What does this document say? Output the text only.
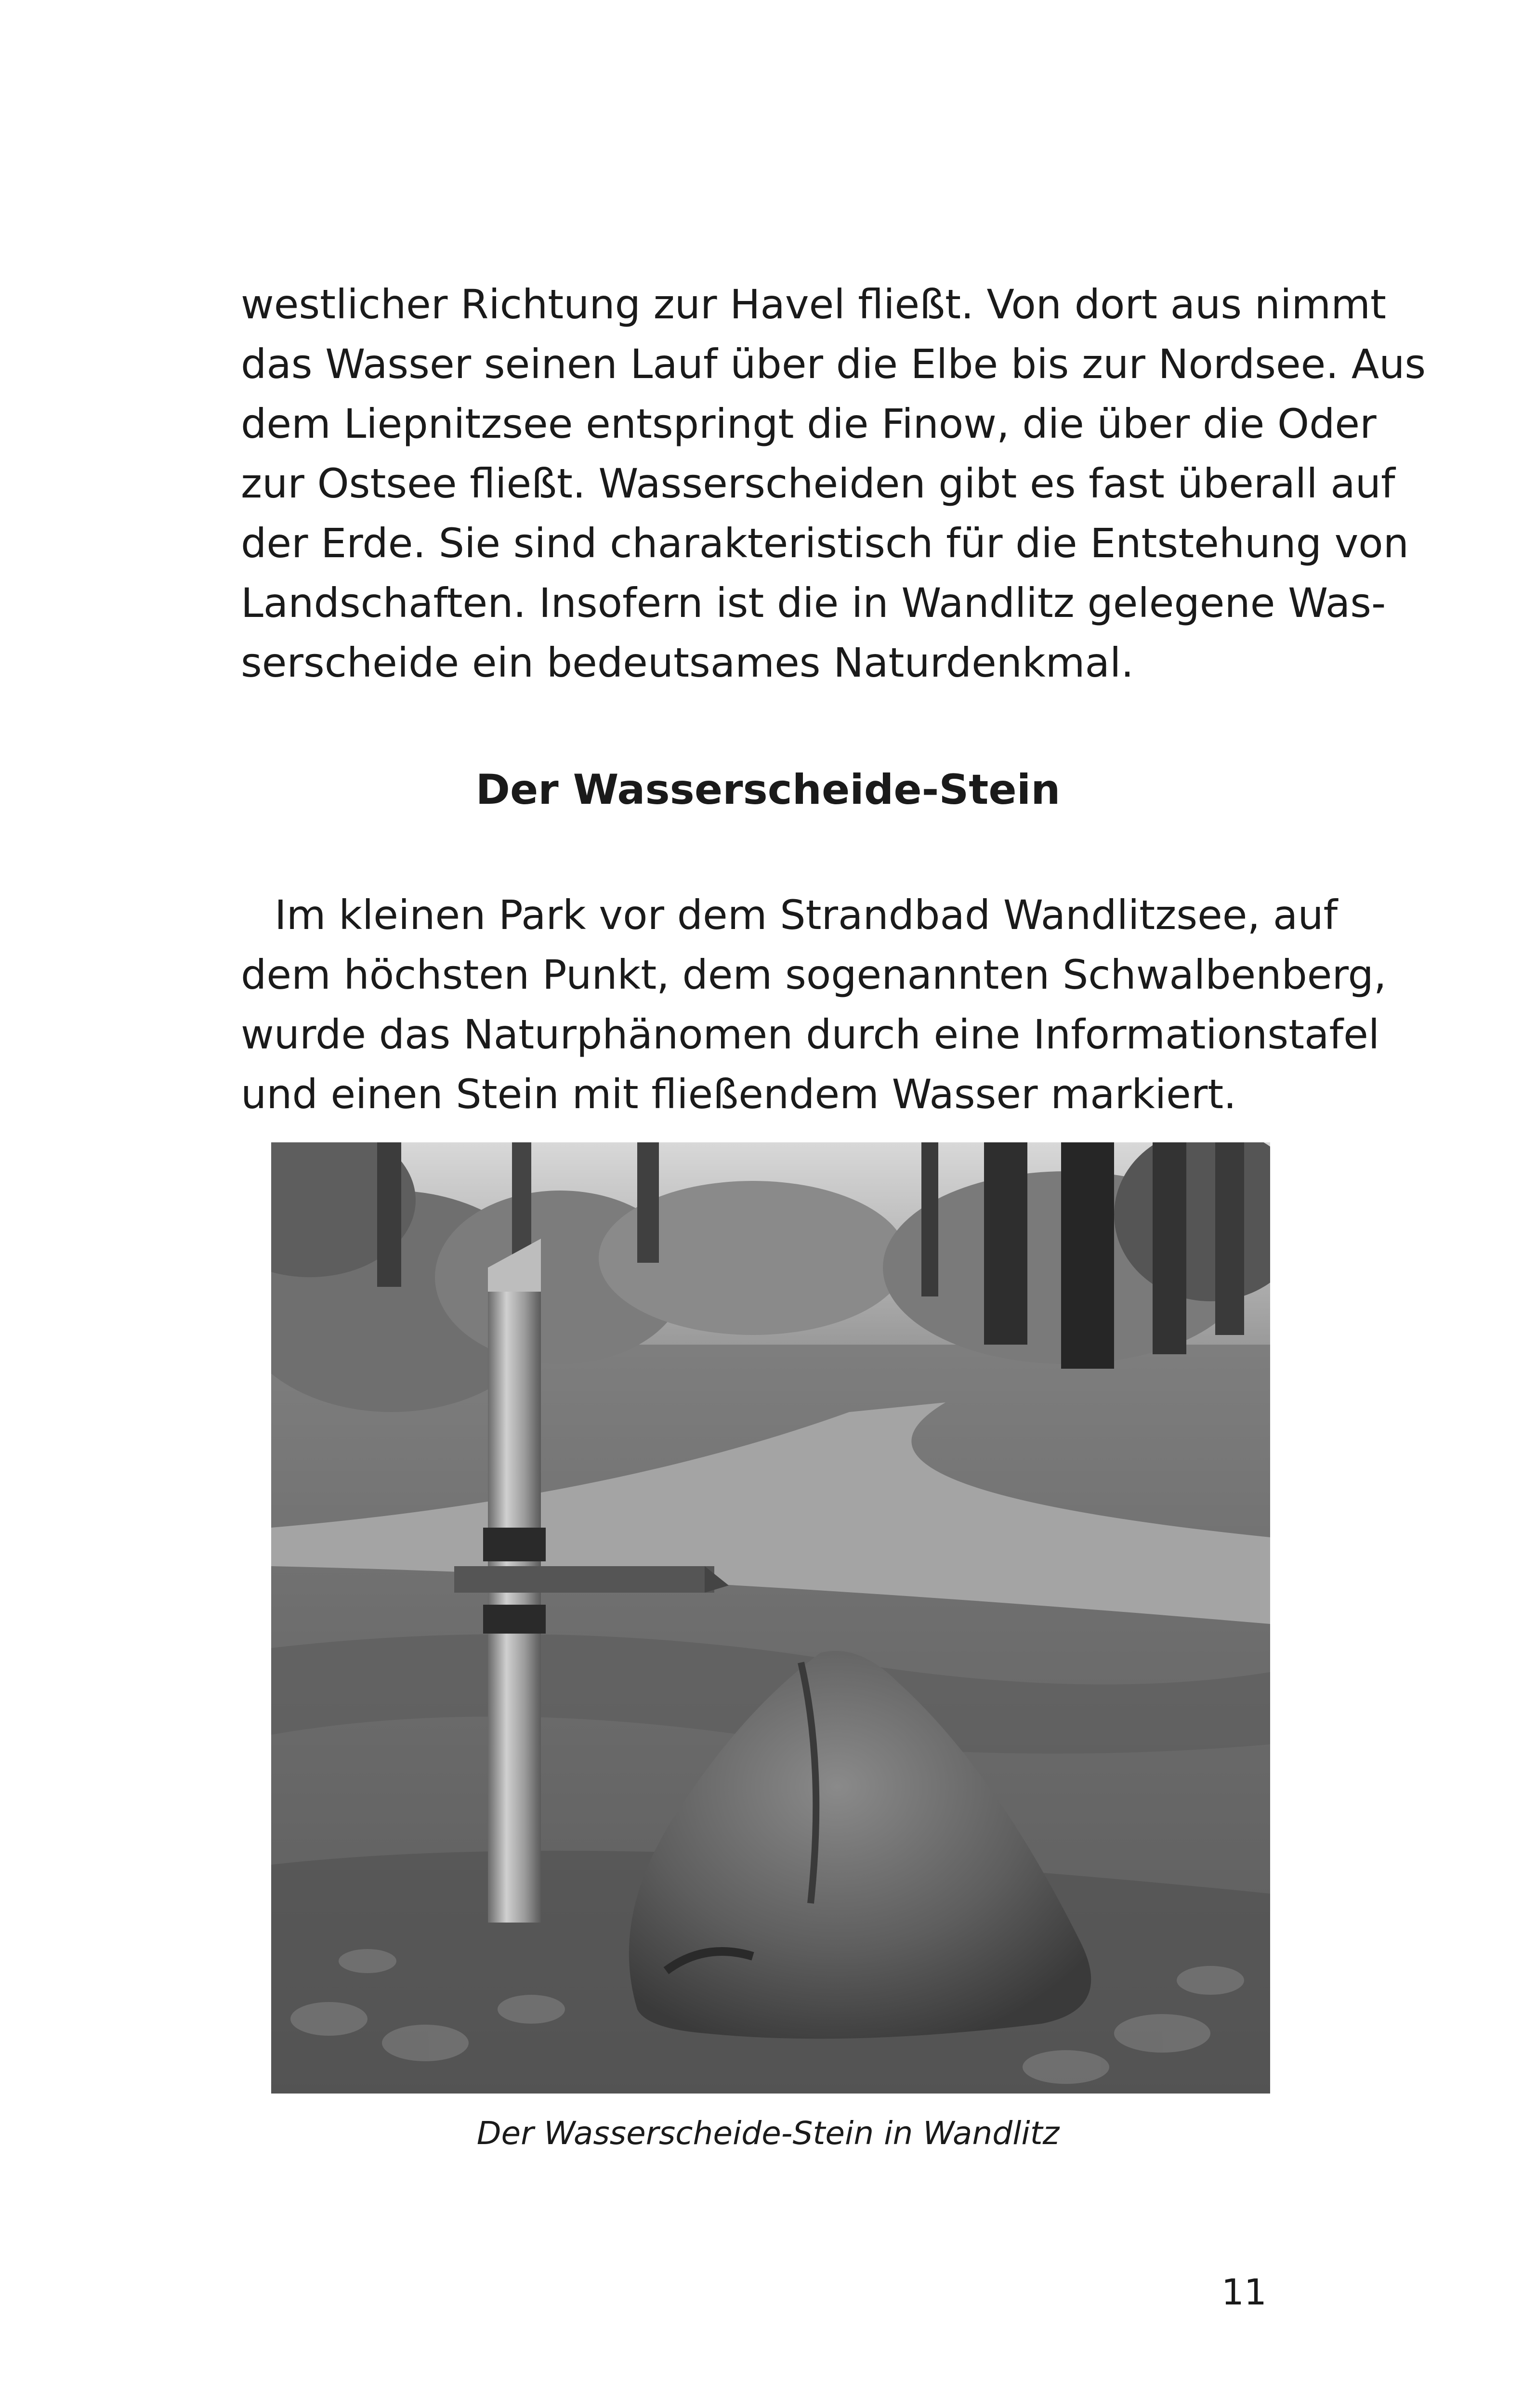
westlicher Richtung zur Havel fließt. Von dort aus nimmt
das Wasser seinen Lauf über die Elbe bis zur Nordsee. Aus
dem Liepnitzsee entspringt die Finow, die über die Oder
zur Ostsee fließt. Wasserscheiden gibt es fast überall auf
der Erde. Sie sind charakteristisch für die Entstehung von
Landschaften. Insofern ist die in Wandlitz gelegene Was-
serscheide ein bedeutsames Naturdenkmal.
Der Wasserscheide-Stein
Im kleinen Park vor dem Strandbad Wandlitzsee, auf
dem höchsten Punkt, dem sogenannten Schwalbenberg,
wurde das Naturphänomen durch eine Informationstafel
und einen Stein mit fließendem Wasser markiert.
Der Wasserscheide-Stein in Wandlitz
11
